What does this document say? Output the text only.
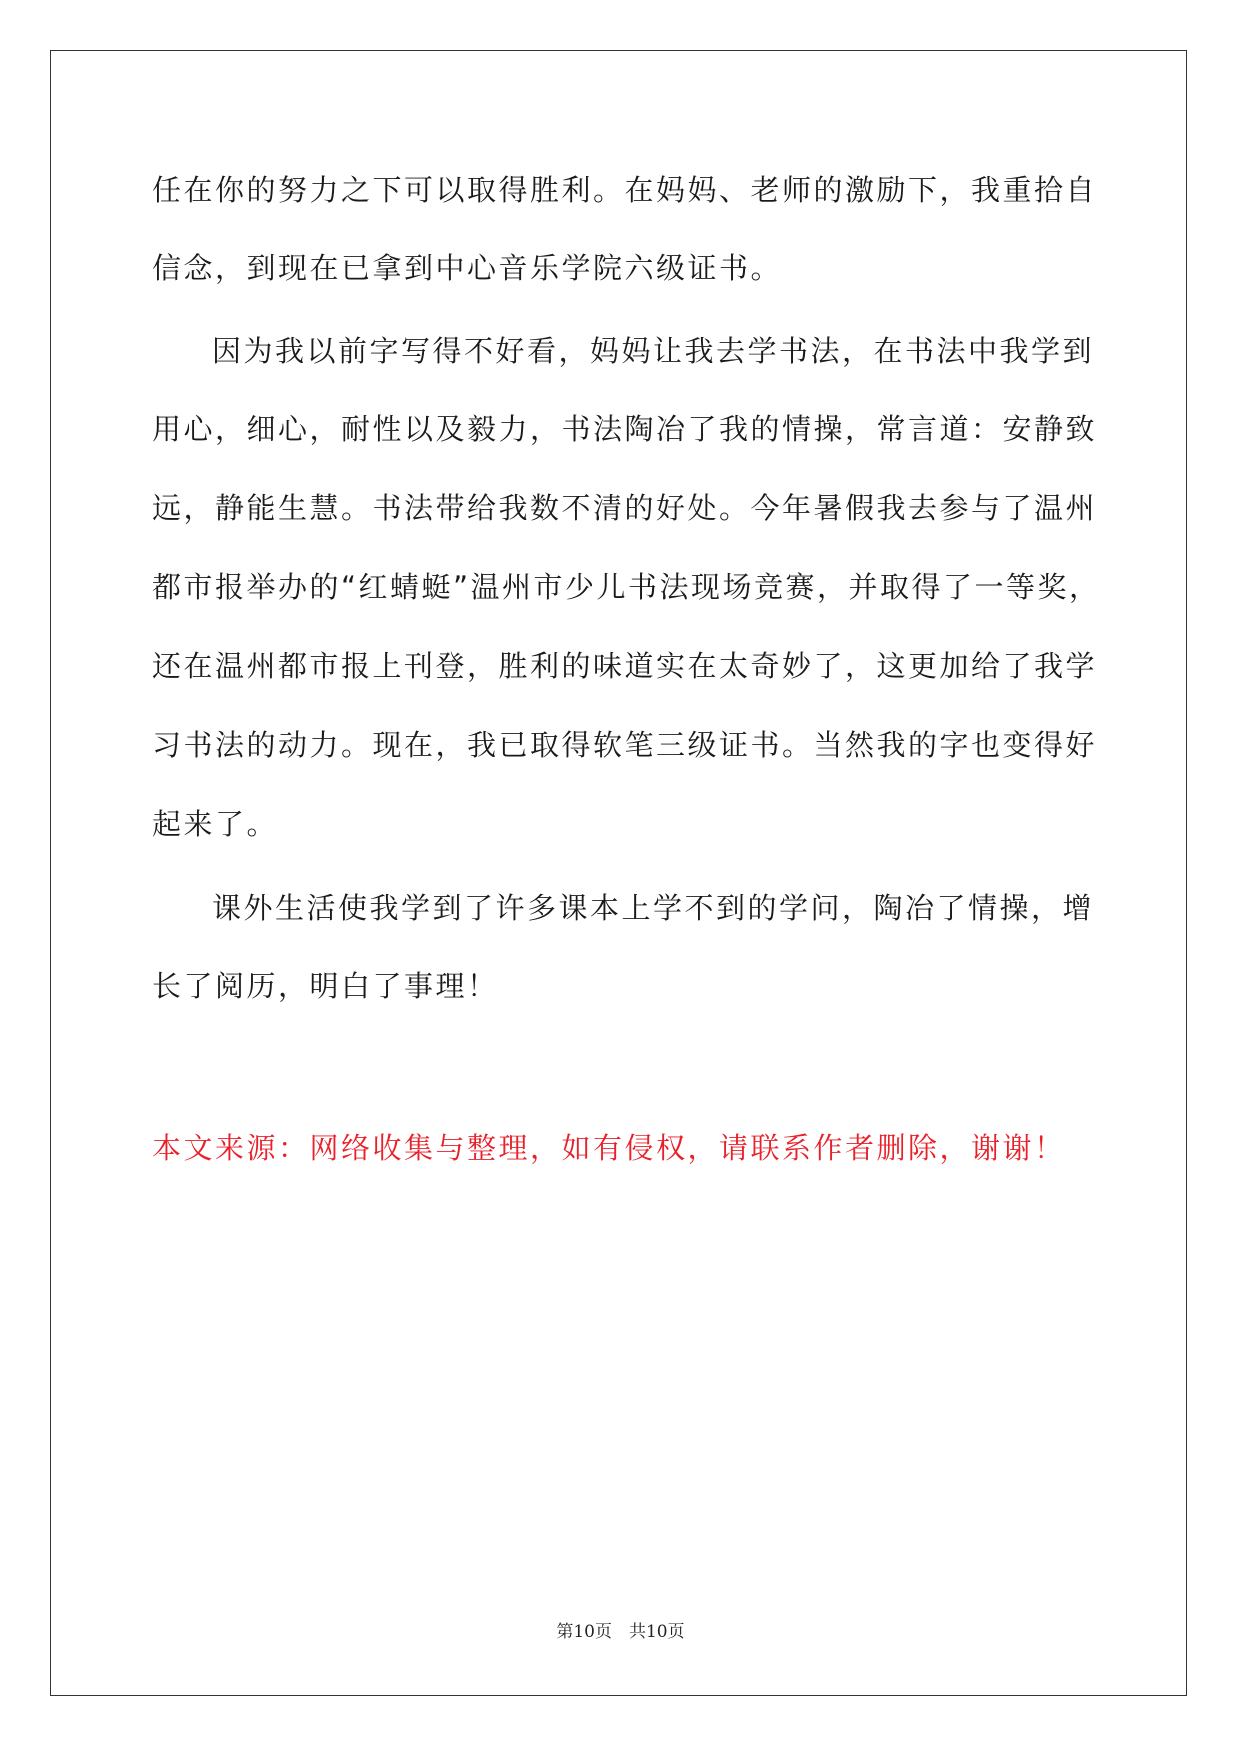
任在你的努力之下可以取得胜利。在妈妈、老师的激励下，我重拾自
信念，到现在已拿到中心音乐学院六级证书。
因为我以前字写得不好看，妈妈让我去学书法，在书法中我学到
用心，细心，耐性以及毅力，书法陶冶了我的情操，常言道：安静致
远，静能生慧。书法带给我数不清的好处。今年暑假我去参与了温州
都市报举办的“红蜻蜓”温州市少儿书法现场竞赛，并取得了一等奖，
还在温州都市报上刊登，胜利的味道实在太奇妙了，这更加给了我学
习书法的动力。现在，我已取得软笔三级证书。当然我的字也变得好
起来了。
课外生活使我学到了许多课本上学不到的学问，陶冶了情操，增
长了阅历，明白了事理！
本文来源：网络收集与整理，如有侵权，请联系作者删除，谢谢！
第10页　共10页
